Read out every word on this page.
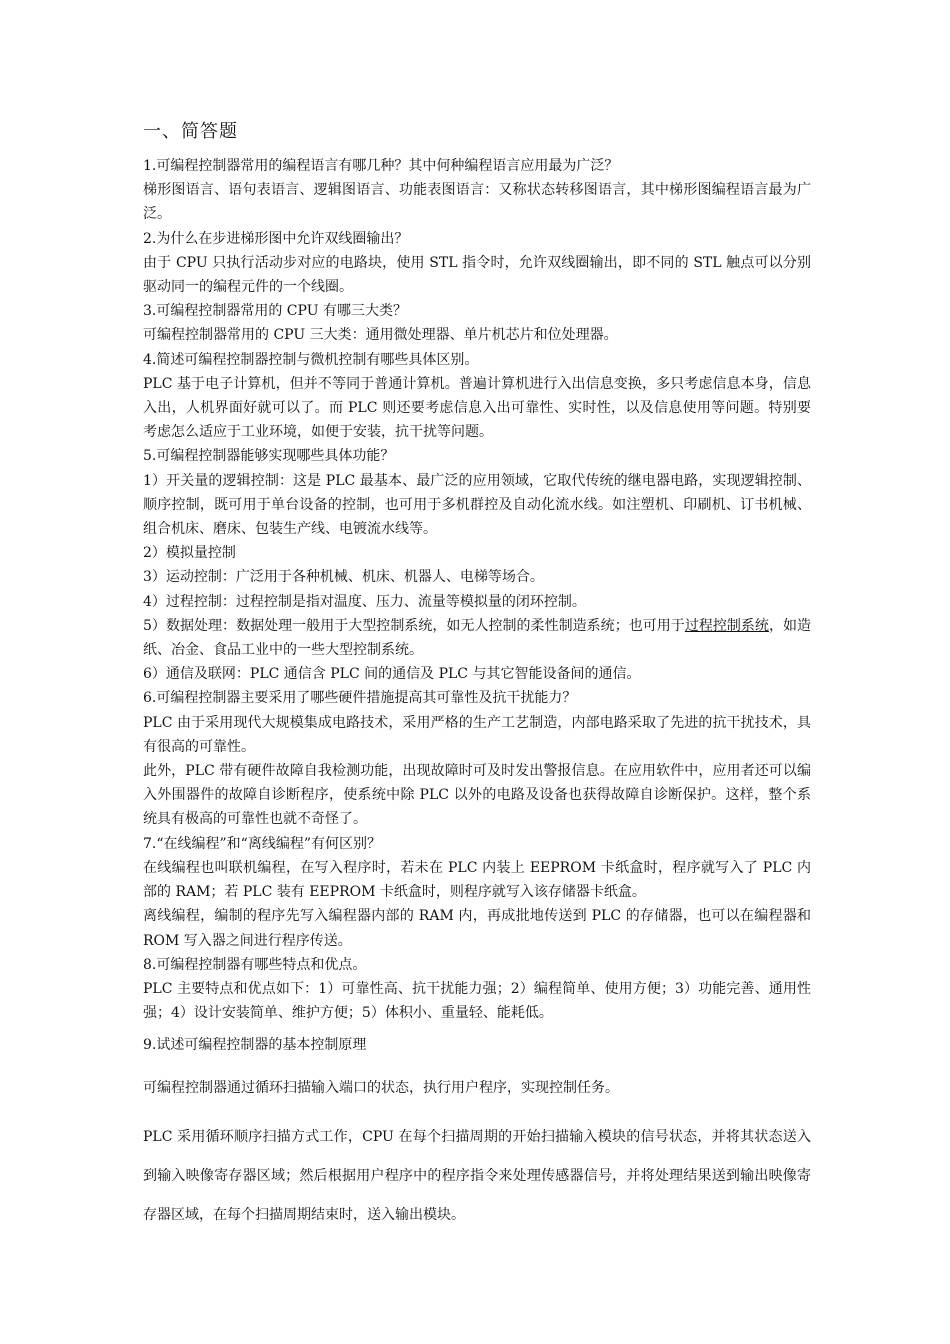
一、简答题

1.可编程控制器常用的编程语言有哪几种？其中何种编程语言应用最为广泛？

梯形图语言、语句表语言、逻辑图语言、功能表图语言：又称状态转移图语言，其中梯形图编程语言最为广泛。

2.为什么在步进梯形图中允许双线圈输出？

由于 CPU 只执行活动步对应的电路块，使用 STL 指令时，允许双线圈输出，即不同的 STL 触点可以分别驱动同一的编程元件的一个线圈。

3.可编程控制器常用的 CPU 有哪三大类？

可编程控制器常用的 CPU 三大类：通用微处理器、单片机芯片和位处理器。

4.简述可编程控制器控制与微机控制有哪些具体区别。

PLC 基于电子计算机，但并不等同于普通计算机。普遍计算机进行入出信息变换，多只考虑信息本身，信息入出，人机界面好就可以了。而 PLC 则还要考虑信息入出可靠性、实时性，以及信息使用等问题。特别要考虑怎么适应于工业环境，如便于安装，抗干扰等问题。

5.可编程控制器能够实现哪些具体功能？

1）开关量的逻辑控制：这是 PLC 最基本、最广泛的应用领域，它取代传统的继电器电路，实现逻辑控制、顺序控制，既可用于单台设备的控制，也可用于多机群控及自动化流水线。如注塑机、印刷机、订书机械、组合机床、磨床、包装生产线、电镀流水线等。

2）模拟量控制

3）运动控制：广泛用于各种机械、机床、机器人、电梯等场合。

4）过程控制：过程控制是指对温度、压力、流量等模拟量的闭环控制。

5）数据处理：数据处理一般用于大型控制系统，如无人控制的柔性制造系统；也可用于过程控制系统，如造纸、冶金、食品工业中的一些大型控制系统。

6）通信及联网：PLC 通信含 PLC 间的通信及 PLC 与其它智能设备间的通信。

6.可编程控制器主要采用了哪些硬件措施提高其可靠性及抗干扰能力？

PLC 由于采用现代大规模集成电路技术，采用严格的生产工艺制造，内部电路采取了先进的抗干扰技术，具有很高的可靠性。

此外，PLC 带有硬件故障自我检测功能，出现故障时可及时发出警报信息。在应用软件中，应用者还可以编入外围器件的故障自诊断程序，使系统中除 PLC 以外的电路及设备也获得故障自诊断保护。这样，整个系统具有极高的可靠性也就不奇怪了。

7.“在线编程”和“离线编程”有何区别？

在线编程也叫联机编程，在写入程序时，若未在 PLC 内装上 EEPROM 卡纸盒时，程序就写入了 PLC 内部的 RAM；若 PLC 装有 EEPROM 卡纸盒时，则程序就写入该存储器卡纸盒。

离线编程，编制的程序先写入编程器内部的 RAM 内，再成批地传送到 PLC 的存储器，也可以在编程器和 ROM 写入器之间进行程序传送。

8.可编程控制器有哪些特点和优点。

PLC 主要特点和优点如下：1）可靠性高、抗干扰能力强；2）编程简单、使用方便；3）功能完善、通用性强；4）设计安装简单、维护方便；5）体积小、重量轻、能耗低。

9.试述可编程控制器的基本控制原理

可编程控制器通过循环扫描输入端口的状态，执行用户程序，实现控制任务。

PLC 采用循环顺序扫描方式工作，CPU 在每个扫描周期的开始扫描输入模块的信号状态，并将其状态送入到输入映像寄存器区域；然后根据用户程序中的程序指令来处理传感器信号，并将处理结果送到输出映像寄存器区域，在每个扫描周期结束时，送入输出模块。
